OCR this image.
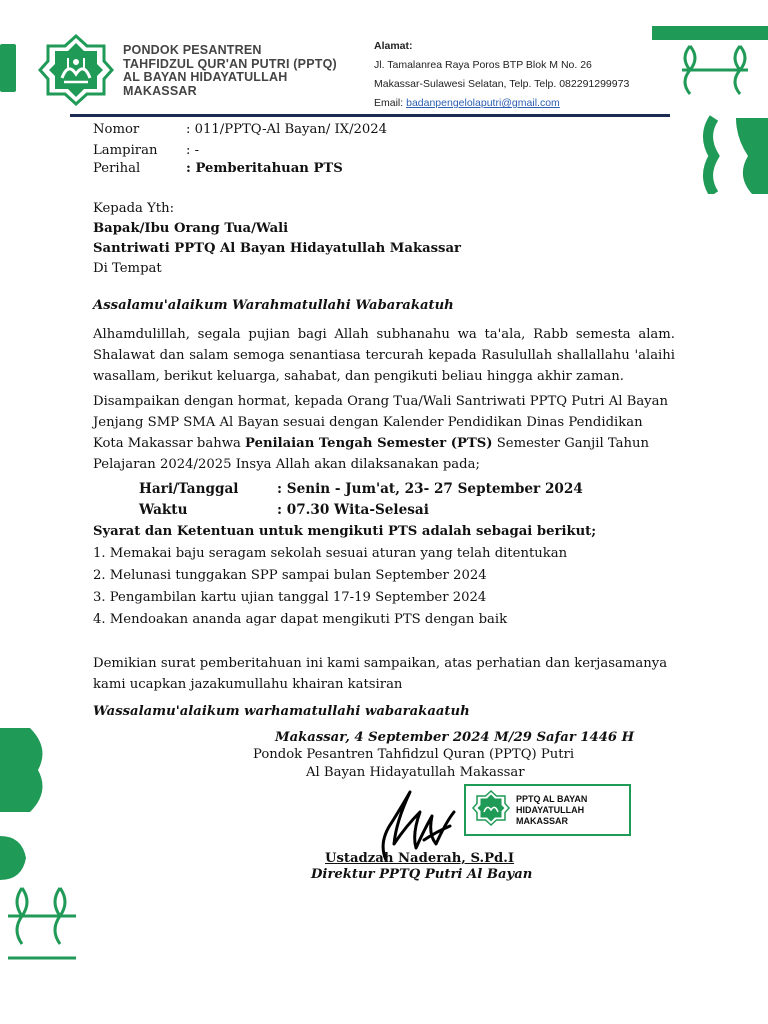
PONDOK PESANTREN
TAHFIDZUL QUR'AN PUTRI (PPTQ)
AL BAYAN HIDAYATULLAH
MAKASSAR
Alamat:
Jl. Tamalanrea Raya Poros BTP Blok M No. 26
Makassar-Sulawesi Selatan, Telp. Telp. 082291299973
Email: badanpengelolaputri@gmail.com
Nomor	: 011/PPTQ-Al Bayan/ IX/2024
Lampiran : -
Perihal	: Pemberitahuan PTS
Kepada Yth:
Bapak/Ibu Orang Tua/Wali
Santriwati PPTQ Al Bayan Hidayatullah Makassar
Di Tempat
Assalamu'alaikum Warahmatullahi Wabarakatuh
Alhamdulillah, segala pujian bagi Allah subhanahu wa ta'ala, Rabb semesta alam. Shalawat dan salam semoga senantiasa tercurah kepada Rasulullah shallallahu 'alaihi wasallam, berikut keluarga, sahabat, dan pengikuti beliau hingga akhir zaman.
Disampaikan dengan hormat, kepada Orang Tua/Wali Santriwati PPTQ Putri Al Bayan Jenjang SMP SMA Al Bayan sesuai dengan Kalender Pendidikan Dinas Pendidikan Kota Makassar bahwa Penilaian Tengah Semester (PTS) Semester Ganjil Tahun Pelajaran 2024/2025 Insya Allah akan dilaksanakan pada;
Hari/Tanggal	: Senin - Jum'at, 23- 27 September 2024
Waktu	: 07.30 Wita-Selesai
Syarat dan Ketentuan untuk mengikuti PTS adalah sebagai berikut;
1. Memakai baju seragam sekolah sesuai aturan yang telah ditentukan
2. Melunasi tunggakan SPP sampai bulan September 2024
3. Pengambilan kartu ujian tanggal 17-19 September 2024
4. Mendoakan ananda agar dapat mengikuti PTS dengan baik
Demikian surat pemberitahuan ini kami sampaikan, atas perhatian dan kerjasamanya kami ucapkan jazakumullahu khairan katsiran
Wassalamu'alaikum warhamatullahi wabarakaatuh
Makassar, 4 September 2024 M/29 Safar 1446 H
Pondok Pesantren Tahfidzul Quran (PPTQ) Putri
Al Bayan Hidayatullah Makassar
PPTQ AL BAYAN
HIDAYATULLAH
MAKASSAR
Ustadzah Naderah, S.Pd.I
Direktur PPTQ Putri Al Bayan
